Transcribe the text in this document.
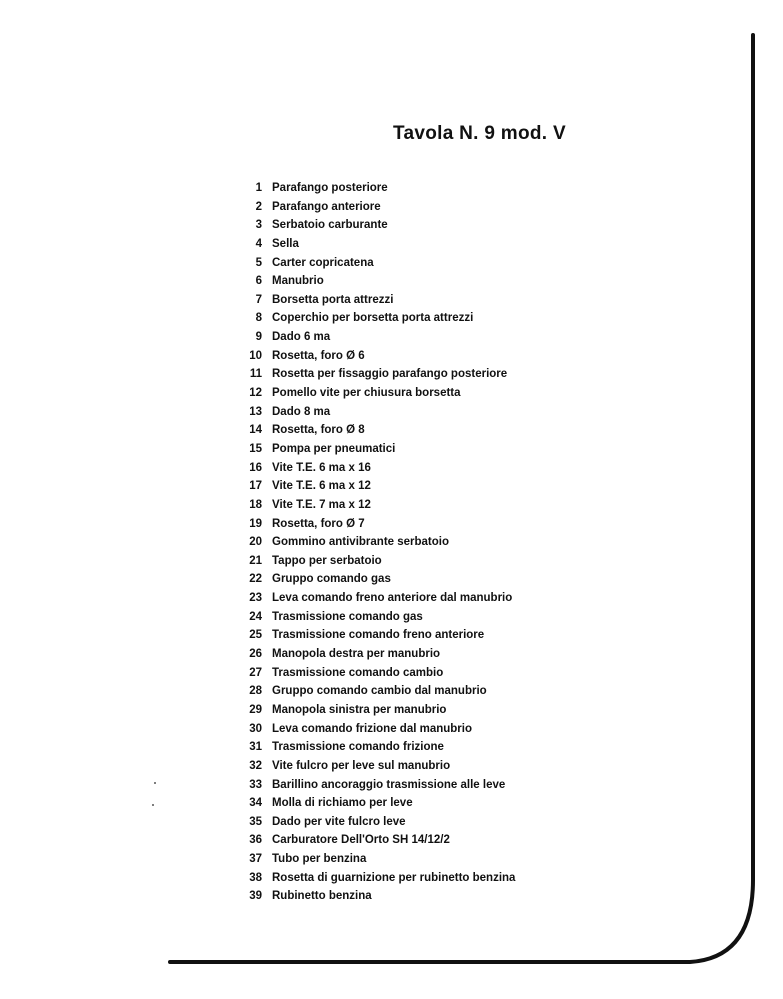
Tavola N. 9 mod. V
1 Parafango posteriore
2 Parafango anteriore
3 Serbatoio carburante
4 Sella
5 Carter copricatena
6 Manubrio
7 Borsetta porta attrezzi
8 Coperchio per borsetta porta attrezzi
9 Dado 6 ma
10 Rosetta, foro Ø 6
11 Rosetta per fissaggio parafango posteriore
12 Pomello vite per chiusura borsetta
13 Dado 8 ma
14 Rosetta, foro Ø 8
15 Pompa per pneumatici
16 Vite T.E. 6 ma x 16
17 Vite T.E. 6 ma x 12
18 Vite T.E. 7 ma x 12
19 Rosetta, foro Ø 7
20 Gommino antivibrante serbatoio
21 Tappo per serbatoio
22 Gruppo comando gas
23 Leva comando freno anteriore dal manubrio
24 Trasmissione comando gas
25 Trasmissione comando freno anteriore
26 Manopola destra per manubrio
27 Trasmissione comando cambio
28 Gruppo comando cambio dal manubrio
29 Manopola sinistra per manubrio
30 Leva comando frizione dal manubrio
31 Trasmissione comando frizione
32 Vite fulcro per leve sul manubrio
33 Barillino ancoraggio trasmissione alle leve
34 Molla di richiamo per leve
35 Dado per vite fulcro leve
36 Carburatore Dell'Orto SH 14/12/2
37 Tubo per benzina
38 Rosetta di guarnizione per rubinetto benzina
39 Rubinetto benzina
